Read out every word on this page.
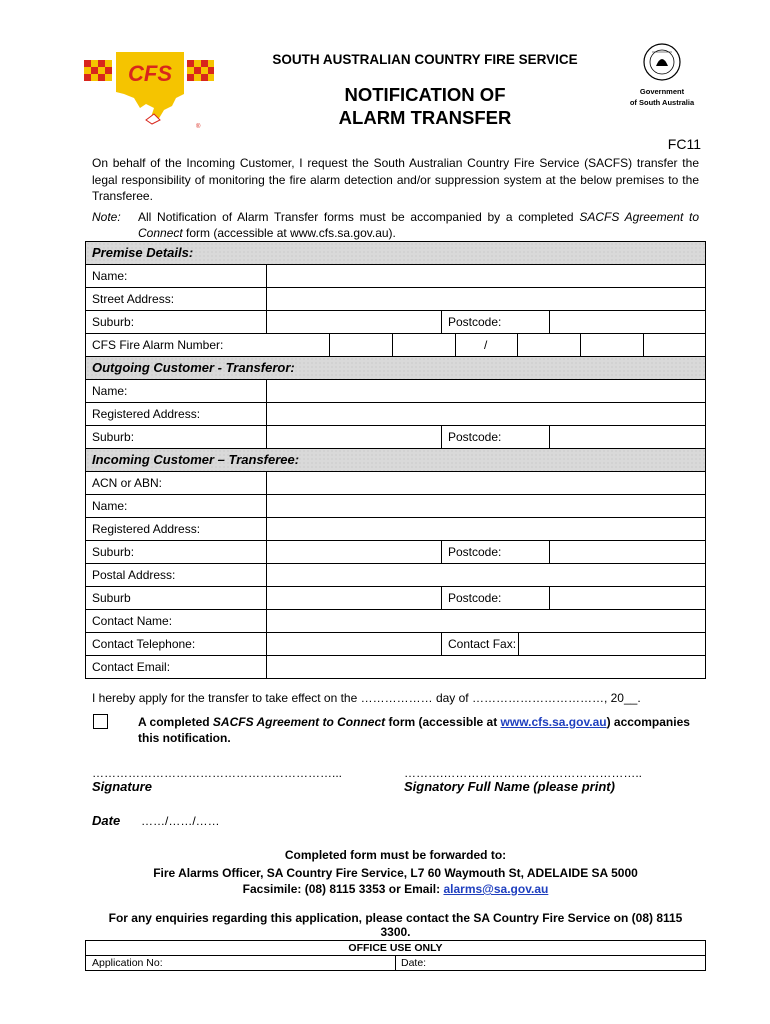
CFS
®
SOUTH AUSTRALIAN COUNTRY FIRE SERVICE
NOTIFICATION OF
ALARM TRANSFER
Government
of South Australia
FC11
On behalf of the Incoming Customer, I request the South Australian Country Fire Service (SACFS) transfer the legal responsibility of monitoring the fire alarm detection and/or suppression system at the below premises to the Transferee.
Note: All Notification of Alarm Transfer forms must be accompanied by a completed SACFS Agreement to Connect form (accessible at www.cfs.sa.gov.au).
Premise Details:
Name:
Street Address:
Suburb:	Postcode:
CFS Fire Alarm Number:	/
Outgoing Customer - Transferor:
Name:
Registered Address:
Suburb:	Postcode:
Incoming Customer – Transferee:
ACN or ABN:
Name:
Registered Address:
Suburb:	Postcode:
Postal Address:
Suburb	Postcode:
Contact Name:
Contact Telephone:	Contact Fax:
Contact Email:
I hereby apply for the transfer to take effect on the ……………… day of ……………………………, 20__.
A completed SACFS Agreement to Connect form (accessible at www.cfs.sa.gov.au) accompanies this notification.
……………………………………………………...	……….…………………………………………..
Signature	Signatory Full Name (please print)
Date ……/……/……
Completed form must be forwarded to:
Fire Alarms Officer, SA Country Fire Service, L7 60 Waymouth St, ADELAIDE SA 5000
Facsimile: (08) 8115 3353 or Email: alarms@sa.gov.au
For any enquiries regarding this application, please contact the SA Country Fire Service on (08) 8115 3300.
OFFICE USE ONLY
Application No:	Date:
